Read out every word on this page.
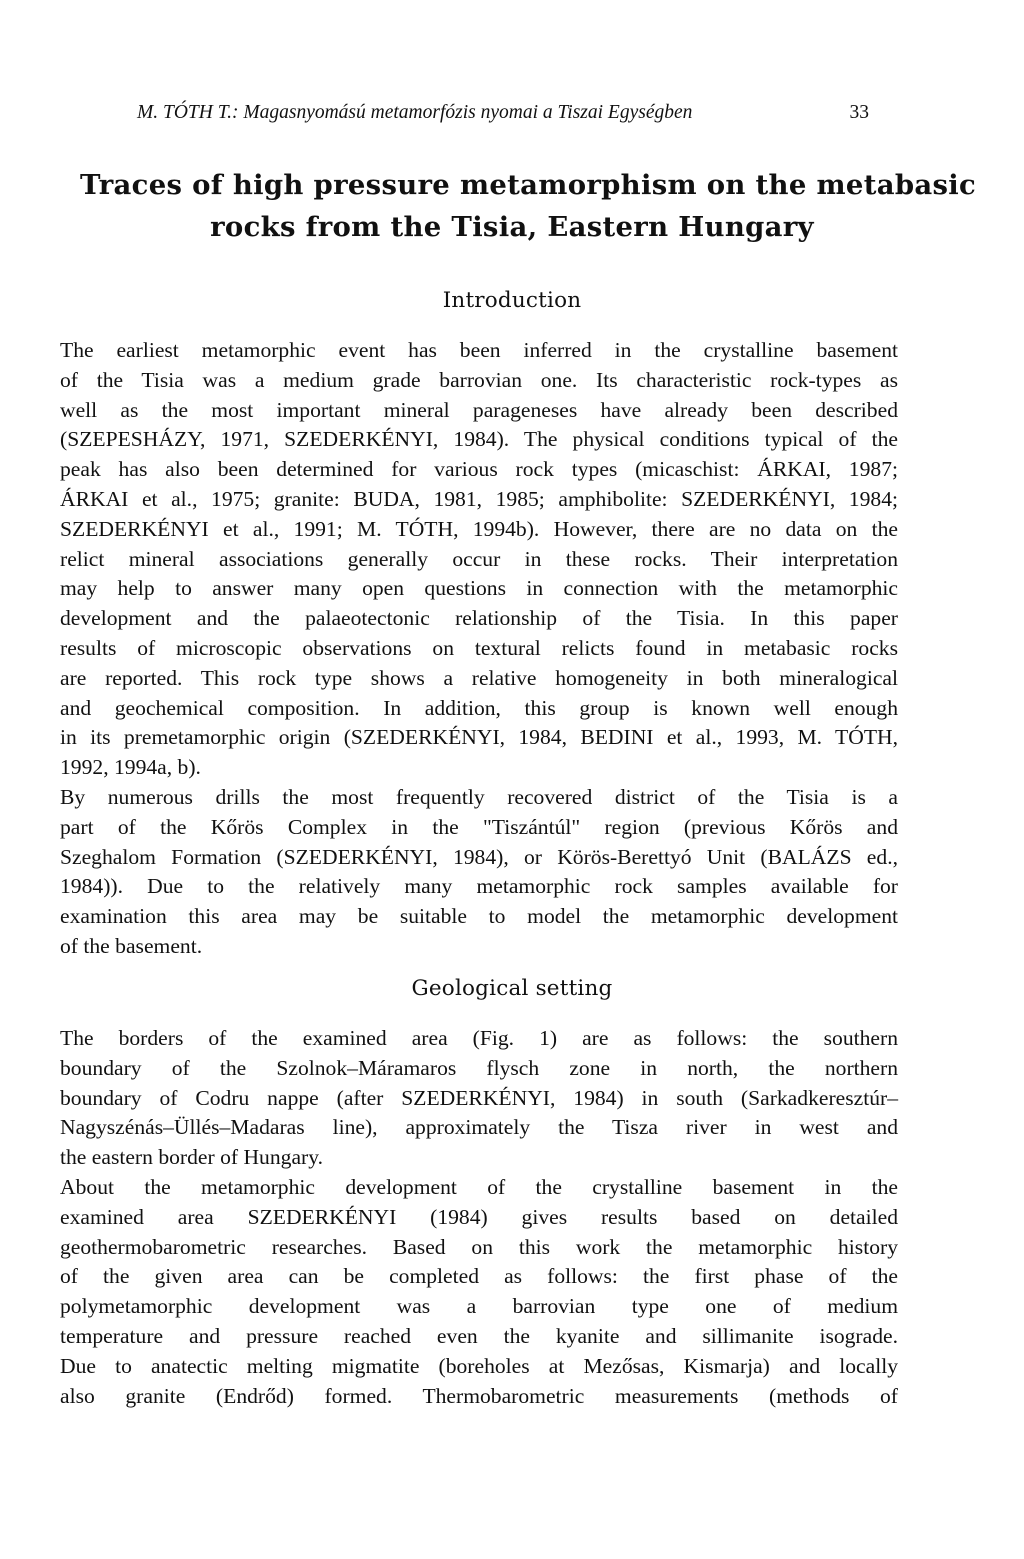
M. TÓTH T.: Magasnyomású metamorfózis nyomai a Tiszai Egységben	33
Traces of high pressure metamorphism on the metabasic
rocks from the Tisia, Eastern Hungary
Introduction
The earliest metamorphic event has been inferred in the crystalline basement
of the Tisia was a medium grade barrovian one. Its characteristic rock-types as
well as the most important mineral parageneses have already been described
(SZEPESHÁZY, 1971, SZEDERKÉNYI, 1984). The physical conditions typical of the
peak has also been determined for various rock types (micaschist: ÁRKAI, 1987;
ÁRKAI et al., 1975; granite: BUDA, 1981, 1985; amphibolite: SZEDERKÉNYI, 1984;
SZEDERKÉNYI et al., 1991; M. TÓTH, 1994b). However, there are no data on the
relict mineral associations generally occur in these rocks. Their interpretation
may help to answer many open questions in connection with the metamorphic
development and the palaeotectonic relationship of the Tisia. In this paper
results of microscopic observations on textural relicts found in metabasic rocks
are reported. This rock type shows a relative homogeneity in both mineralogical
and geochemical composition. In addition, this group is known well enough
in its premetamorphic origin (SZEDERKÉNYI, 1984, BEDINI et al., 1993, M. TÓTH,
1992, 1994a, b).
By numerous drills the most frequently recovered district of the Tisia is a
part of the Kőrös Complex in the "Tiszántúl" region (previous Kőrös and
Szeghalom Formation (SZEDERKÉNYI, 1984), or Körös-Berettyó Unit (BALÁZS ed.,
1984)). Due to the relatively many metamorphic rock samples available for
examination this area may be suitable to model the metamorphic development
of the basement.
Geological setting
The borders of the examined area (Fig. 1) are as follows: the southern
boundary of the Szolnok–Máramaros flysch zone in north, the northern
boundary of Codru nappe (after SZEDERKÉNYI, 1984) in south (Sarkadkeresztúr–
Nagyszénás–Üllés–Madaras line), approximately the Tisza river in west and
the eastern border of Hungary.
About the metamorphic development of the crystalline basement in the
examined area SZEDERKÉNYI (1984) gives results based on detailed
geothermobarometric researches. Based on this work the metamorphic history
of the given area can be completed as follows: the first phase of the
polymetamorphic development was a barrovian type one of medium
temperature and pressure reached even the kyanite and sillimanite isograde.
Due to anatectic melting migmatite (boreholes at Mezősas, Kismarja) and locally
also granite (Endrőd) formed. Thermobarometric measurements (methods of
